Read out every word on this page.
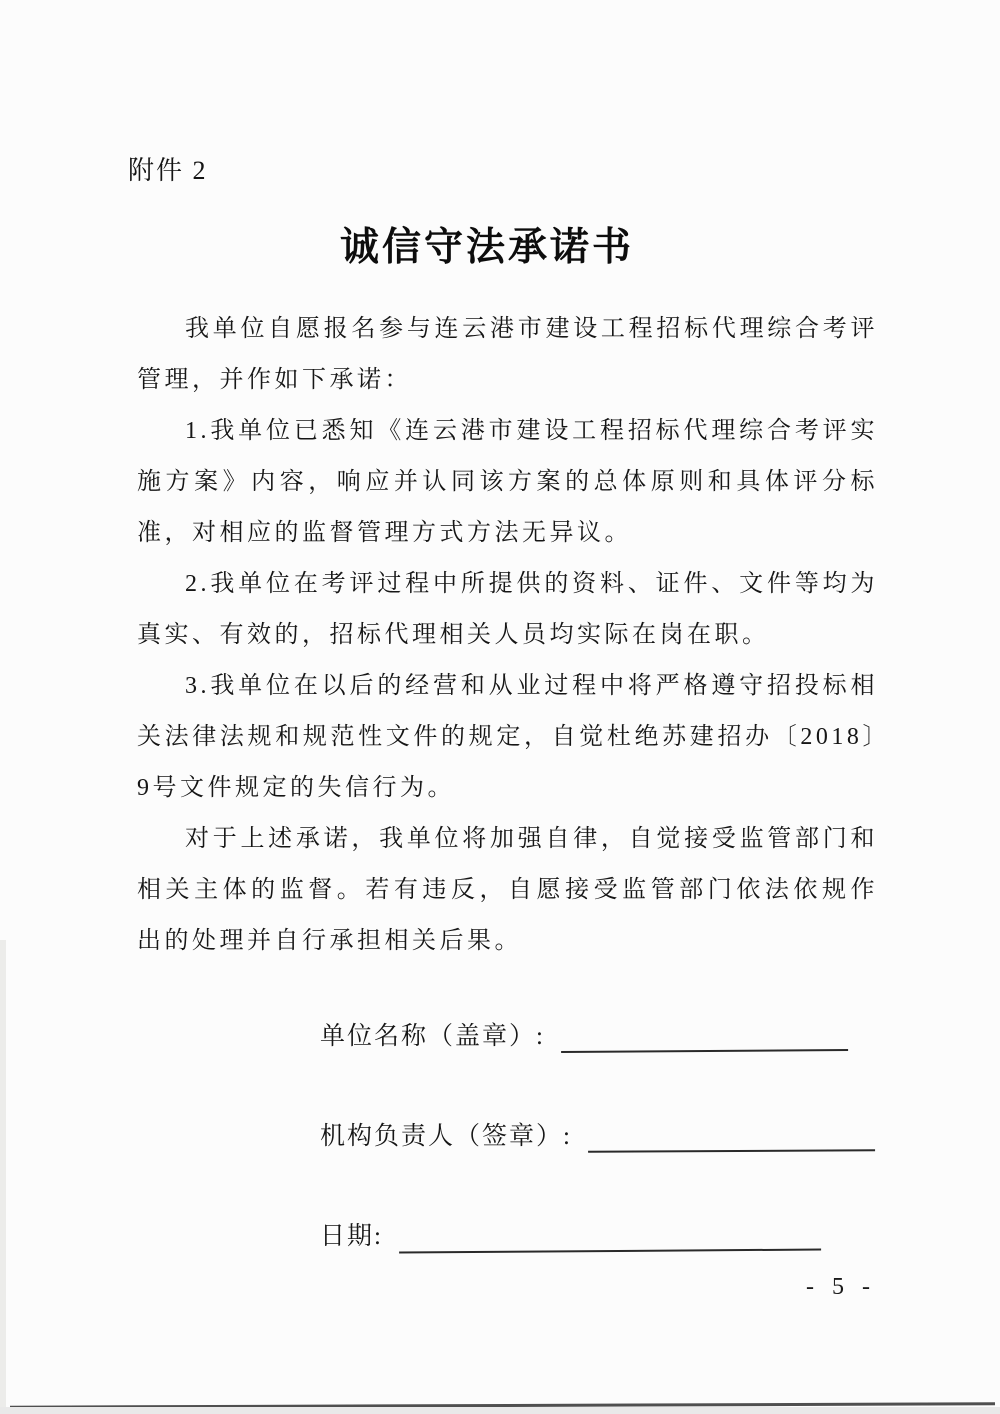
附件 2
诚信守法承诺书

我单位自愿报名参与连云港市建设工程招标代理综合考评管理，并作如下承诺：

1.我单位已悉知《连云港市建设工程招标代理综合考评实施方案》内容，响应并认同该方案的总体原则和具体评分标准，对相应的监督管理方式方法无异议。

2.我单位在考评过程中所提供的资料、证件、文件等均为真实、有效的，招标代理相关人员均实际在岗在职。

3.我单位在以后的经营和从业过程中将严格遵守招投标相关法律法规和规范性文件的规定，自觉杜绝苏建招办〔2018〕9号文件规定的失信行为。

对于上述承诺，我单位将加强自律，自觉接受监管部门和相关主体的监督。若有违反，自愿接受监管部门依法依规作出的处理并自行承担相关后果。

单位名称（盖章）:
机构负责人（签章）:
日期:
- 5 -
